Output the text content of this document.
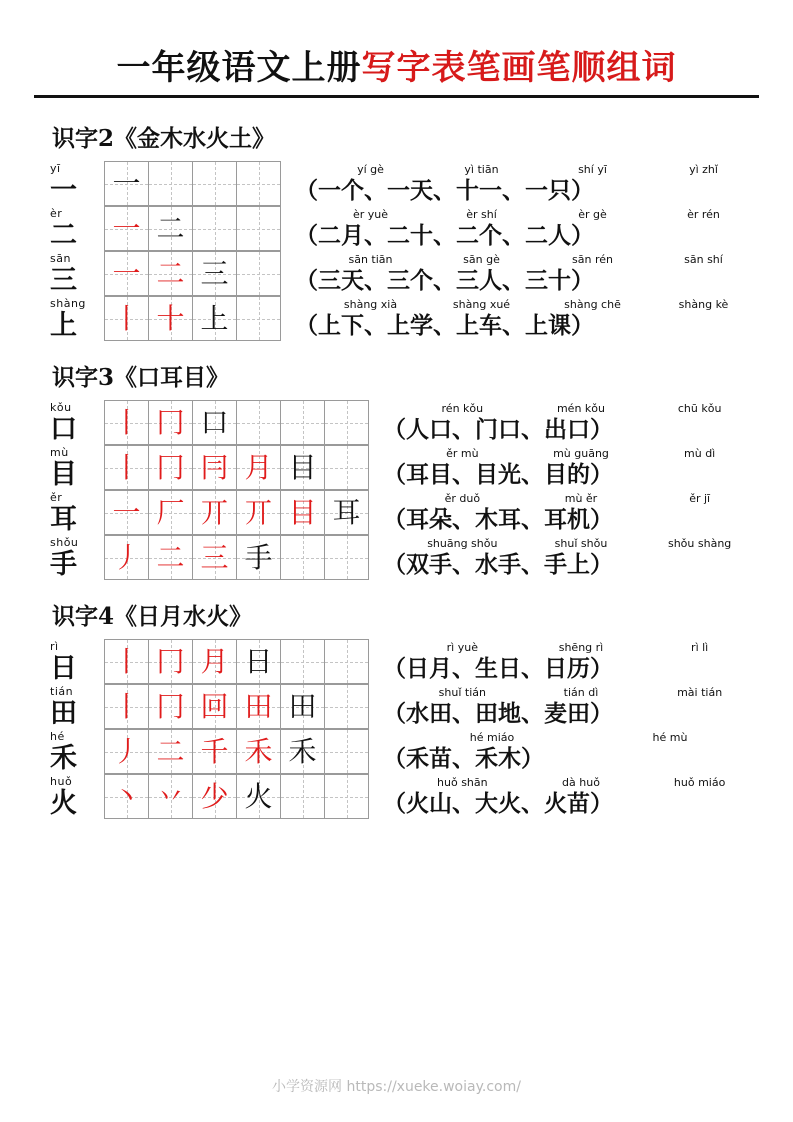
一年级语文上册写字表笔画笔顺组词
识字2《金木水火土》
yī
一	一	yí gè	yì tiān	shí yī	yì zhǐ
（一个、一天、十一、一只）
èr
二	一 二	èr yuè	èr shí	èr gè	èr rén
（二月、二十、二个、二人）
sān
三	一 二 三	sān tiān	sān gè	sān rén	sān shí
（三天、三个、三人、三十）
shàng
上	丨 十 上	shàng xià	shàng xué	shàng chē	shàng kè
（上下、上学、上车、上课）
识字3《口耳目》
kǒu
口	丨 冂 口	rén kǒu	mén kǒu	chū kǒu
（人口、门口、出口）
mù
目	丨 冂 冃 月 目	ěr mù	mù guāng	mù dì
（耳目、目光、目的）
ěr
耳	一 厂 丌 丌 目 耳	ěr duǒ	mù ěr	ěr jī
（耳朵、木耳、耳机）
shǒu
手	丿 二 三 手	shuāng shǒu	shuǐ shǒu	shǒu shàng
（双手、水手、手上）
识字4《日月水火》
rì
日	丨 冂 月 日	rì yuè	shēng rì	rì lì
（日月、生日、日历）
tián
田	丨 冂 回 田 田	shuǐ tián	tián dì	mài tián
（水田、田地、麦田）
hé
禾	丿 二 千 禾 禾	hé miáo	hé mù
（禾苗、禾木）
huǒ
火	丶 丷 少 火	huǒ shān	dà huǒ	huǒ miáo
（火山、大火、火苗）
小学资源网 https://xueke.woiay.com/
